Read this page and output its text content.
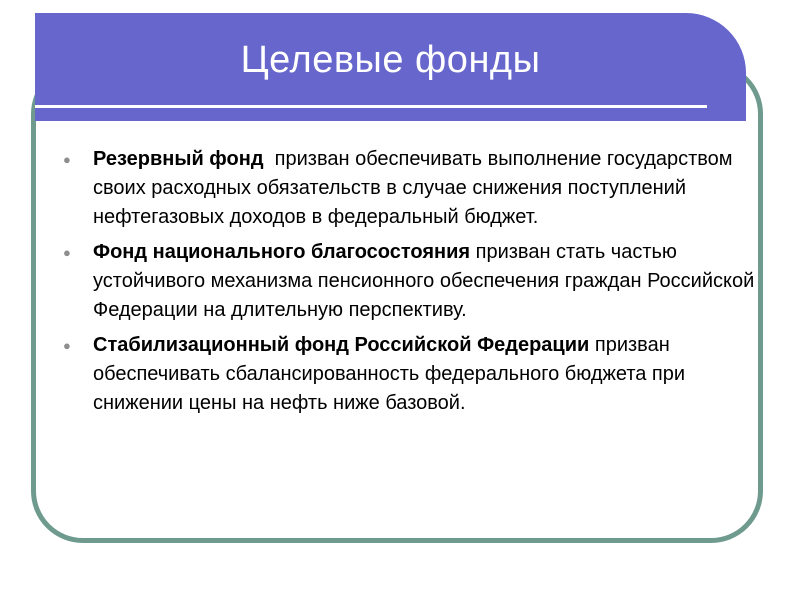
Целевые фонды
● Резервный фонд  призван обеспечивать выполнение государством своих расходных обязательств в случае снижения поступлений нефтегазовых доходов в федеральный бюджет.
● Фонд национального благосостояния призван стать частью устойчивого механизма пенсионного обеспечения граждан Российской Федерации на длительную перспективу.
● Стабилизационный фонд Российской Федерации призван обеспечивать сбалансированность федерального бюджета при снижении цены на нефть ниже базовой.
